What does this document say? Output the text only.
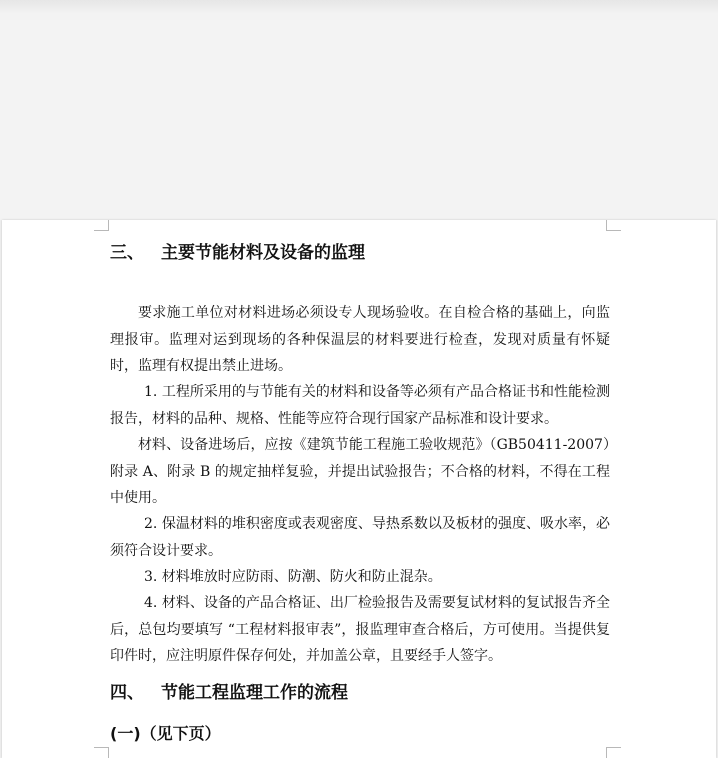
三、 主要节能材料及设备的监理
要求施工单位对材料进场必须设专人现场验收。在自检合格的基础上，向监理报审。监理对运到现场的各种保温层的材料要进行检查，发现对质量有怀疑时，监理有权提出禁止进场。
1. 工程所采用的与节能有关的材料和设备等必须有产品合格证书和性能检测报告，材料的品种、规格、性能等应符合现行国家产品标准和设计要求。
材料、设备进场后，应按《建筑节能工程施工验收规范》（GB50411-2007）附录 A、附录 B 的规定抽样复验，并提出试验报告；不合格的材料，不得在工程中使用。
2. 保温材料的堆积密度或表观密度、导热系数以及板材的强度、吸水率，必须符合设计要求。
3. 材料堆放时应防雨、防潮、防火和防止混杂。
4. 材料、设备的产品合格证、出厂检验报告及需要复试材料的复试报告齐全后，总包均要填写 “工程材料报审表”，报监理审查合格后，方可使用。当提供复印件时，应注明原件保存何处，并加盖公章，且要经手人签字。
四、 节能工程监理工作的流程
(一)（见下页）
